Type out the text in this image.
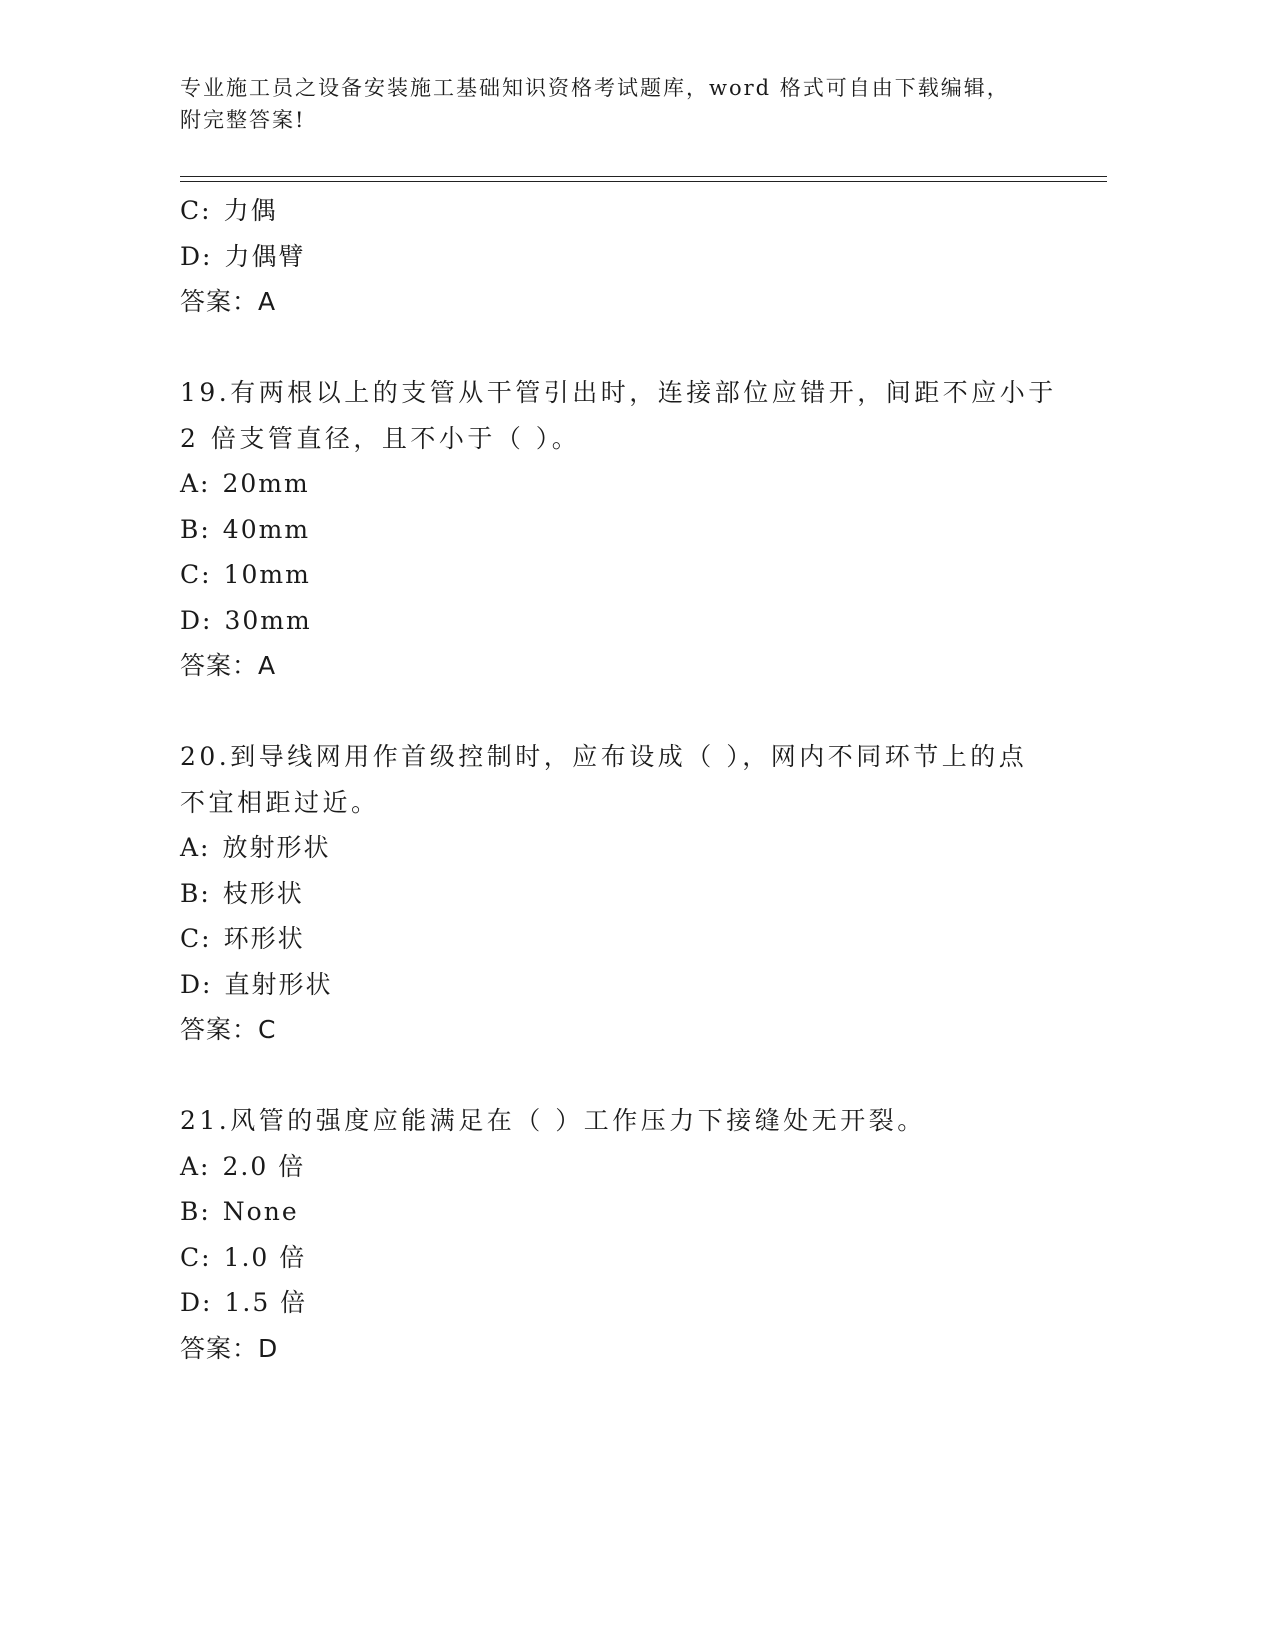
专业施工员之设备安装施工基础知识资格考试题库，word 格式可自由下载编辑，
附完整答案!
C: 力偶
D: 力偶臂
答案：A
19.有两根以上的支管从干管引出时，连接部位应错开，间距不应小于
2 倍支管直径，且不小于（ ）。
A: 20mm
B: 40mm
C: 10mm
D: 30mm
答案：A
20.到导线网用作首级控制时，应布设成（ ），网内不同环节上的点
不宜相距过近。
A: 放射形状
B: 枝形状
C: 环形状
D: 直射形状
答案：C
21.风管的强度应能满足在（ ）工作压力下接缝处无开裂。
A: 2.0 倍
B: None
C: 1.0 倍
D: 1.5 倍
答案：D
